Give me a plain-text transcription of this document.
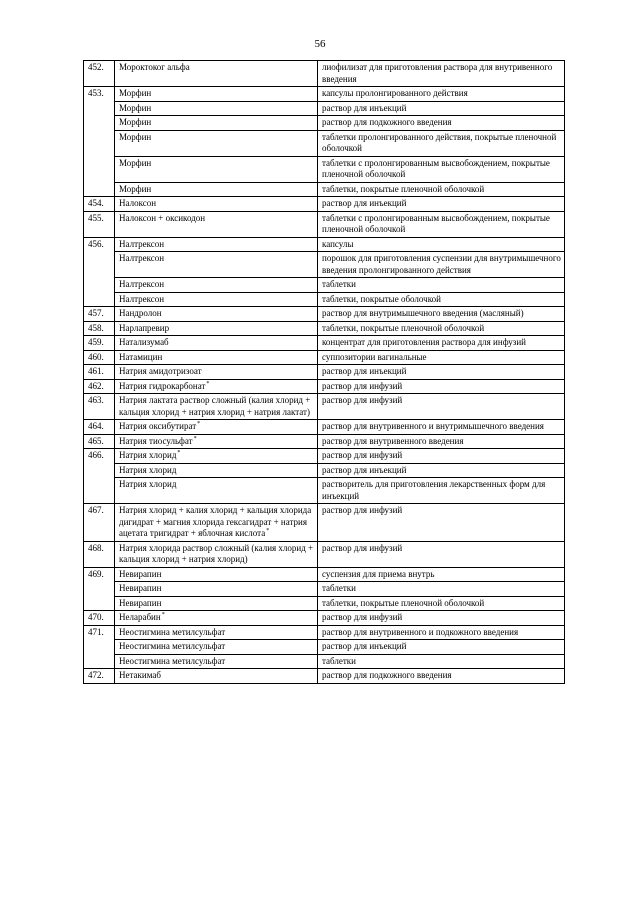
56
452.	Мороктоког альфа	лиофилизат для приготовления раствора для внутривенного введения
453.	Морфин	капсулы пролонгированного действия
	Морфин	раствор для инъекций
	Морфин	раствор для подкожного введения
	Морфин	таблетки пролонгированного действия, покрытые пленочной оболочкой
	Морфин	таблетки с пролонгированным высвобождением, покрытые пленочной оболочкой
	Морфин	таблетки, покрытые пленочной оболочкой
454.	Налоксон	раствор для инъекций
455.	Налоксон + оксикодон	таблетки с пролонгированным высвобождением, покрытые пленочной оболочкой
456.	Налтрексон	капсулы
	Налтрексон	порошок для приготовления суспензии для внутримышечного введения пролонгированного действия
	Налтрексон	таблетки
	Налтрексон	таблетки, покрытые оболочкой
457.	Нандролон	раствор для внутримышечного введения (масляный)
458.	Нарлапревир	таблетки, покрытые пленочной оболочкой
459.	Натализумаб	концентрат для приготовления раствора для инфузий
460.	Натамицин	суппозитории вагинальные
461.	Натрия амидотризоат	раствор для инъекций
462.	Натрия гидрокарбонат*	раствор для инфузий
463.	Натрия лактата раствор сложный (калия хлорид + кальция хлорид + натрия хлорид + натрия лактат)	раствор для инфузий
464.	Натрия оксибутират*	раствор для внутривенного и внутримышечного введения
465.	Натрия тиосульфат*	раствор для внутривенного введения
466.	Натрия хлорид*	раствор для инфузий
	Натрия хлорид	раствор для инъекций
	Натрия хлорид	растворитель для приготовления лекарственных форм для инъекций
467.	Натрия хлорид + калия хлорид + кальция хлорида дигидрат + магния хлорида гексагидрат + натрия ацетата тригидрат + яблочная кислота*	раствор для инфузий
468.	Натрия хлорида раствор сложный (калия хлорид + кальция хлорид + натрия хлорид)	раствор для инфузий
469.	Невирапин	суспензия для приема внутрь
	Невирапин	таблетки
	Невирапин	таблетки, покрытые пленочной оболочкой
470.	Неларабин*	раствор для инфузий
471.	Неостигмина метилсульфат	раствор для внутривенного и подкожного введения
	Неостигмина метилсульфат	раствор для инъекций
	Неостигмина метилсульфат	таблетки
472.	Нетакимаб	раствор для подкожного введения
